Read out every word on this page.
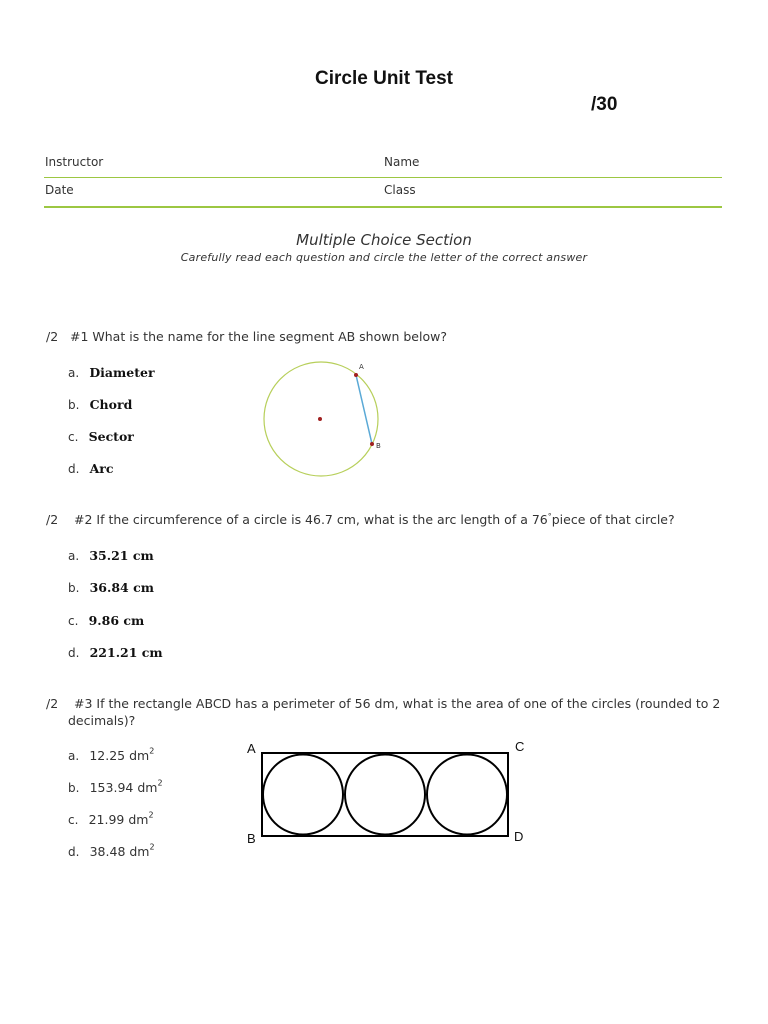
Circle Unit Test
/30
Instructor	Name
Date	Class
Multiple Choice Section
Carefully read each question and circle the letter of the correct answer
/2 #1 What is the name for the line segment AB shown below?
a. Diameter
b. Chord
c. Sector
d. Arc
A
B
/2 #2 If the circumference of a circle is 46.7 cm, what is the arc length of a 76°piece of that circle?
a. 35.21 cm
b. 36.84 cm
c. 9.86 cm
d. 221.21 cm
/2 #3 If the rectangle ABCD has a perimeter of 56 dm, what is the area of one of the circles (rounded to 2
decimals)?
a. 12.25 $dm^2$
b. 153.94 $dm^2$
c. 21.99 $dm^2$
d. 38.48 $dm^2$
A	C
B	D
